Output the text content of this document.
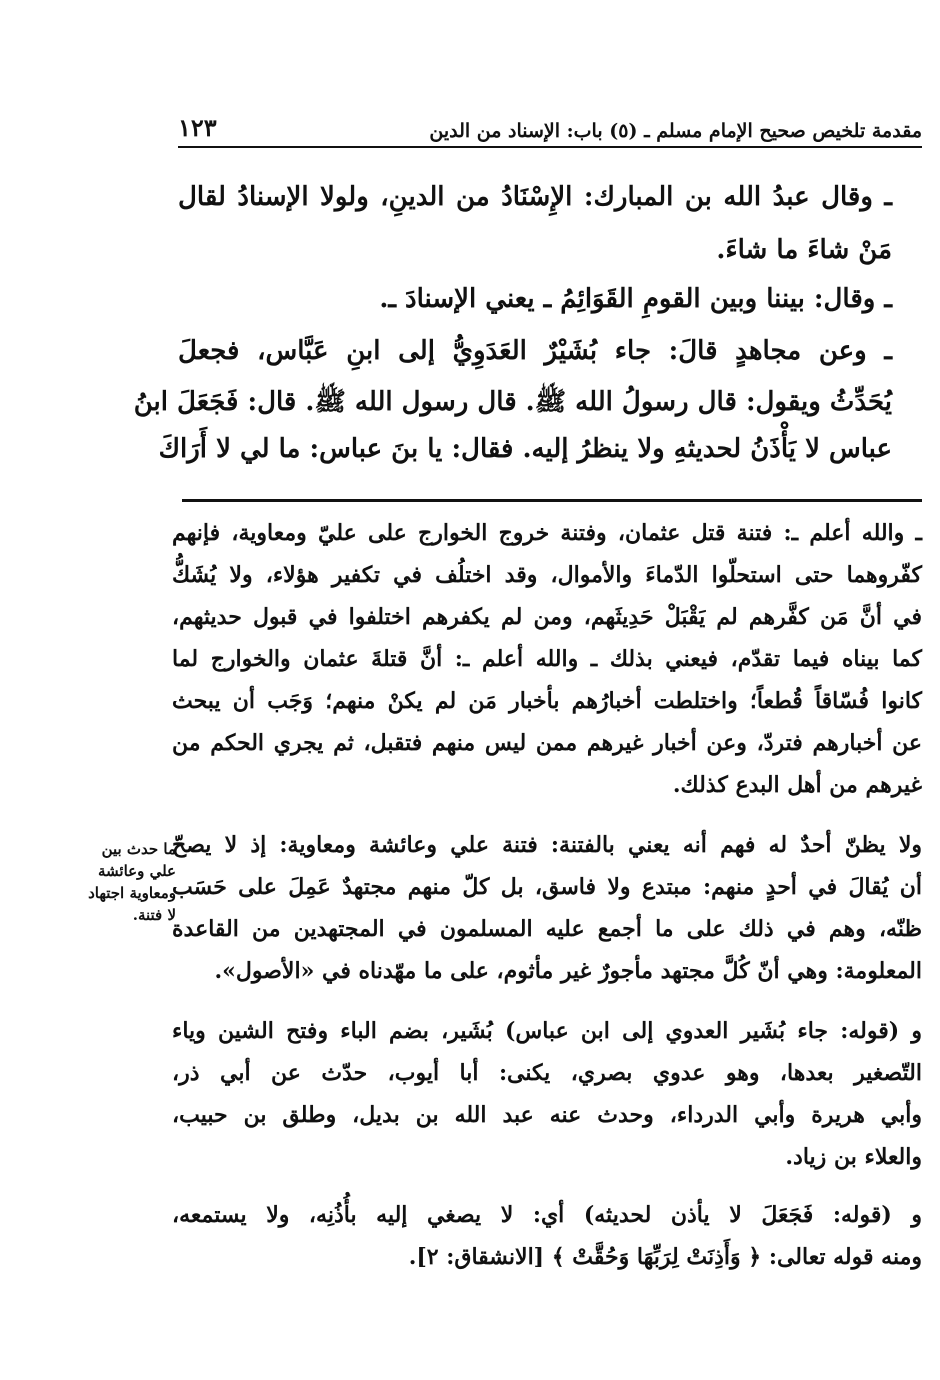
مقدمة تلخيص صحيح الإمام مسلم ـ (٥) باب: الإسناد من الدين
١٢٣
ـ وقال عبدُ الله بن المبارك: الإِسْنَادُ من الدينِ، ولولا الإسنادُ لقال
مَنْ شاءَ ما شاءَ.
ـ وقال: بيننا وبين القومِ القَوَائِمُ ـ يعني الإسنادَ ـ.
ـ وعن مجاهدٍ قالَ: جاء بُشَيْرٌ العَدَوِيُّ إلى ابنِ عَبَّاس، فجعلَ
يُحَدِّثُ ويقول: قال رسولُ الله ﷺ. قال رسول الله ﷺ. قال: فَجَعَلَ ابنُ
عباس لا يَأْذَنُ لحديثهِ ولا ينظرُ إليه. فقال: يا بنَ عباس: ما لي لا أَرَاكَ
ـ والله أعلم ـ: فتنة قتل عثمان، وفتنة خروج الخوارج على عليّ ومعاوية، فإنهم
كفّروهما حتى استحلّوا الدّماءَ والأموال، وقد اختلُف في تكفير هؤلاء، ولا يُشَكُّ
في أنَّ مَن كفَّرهم لم يَقْبَلْ حَدِيثَهم، ومن لم يكفرهم اختلفوا في قبول حديثهم،
كما بيناه فيما تقدّم، فيعني بذلك ـ والله أعلم ـ: أنَّ قتلةَ عثمان والخوارج لما
كانوا فُسّاقاً قُطعاً؛ واختلطت أخبارُهم بأخبار مَن لم يكنْ منهم؛ وَجَب أن يبحث
عن أخبارهم فتردّ، وعن أخبار غيرهم ممن ليس منهم فتقبل، ثم يجري الحكم من
غيرهم من أهل البدع كذلك.
ولا يظنّ أحدٌ له فهم أنه يعني بالفتنة: فتنة علي وعائشة ومعاوية: إذ لا يصحّ
أن يُقالَ في أحدٍ منهم: مبتدع ولا فاسق، بل كلّ منهم مجتهدٌ عَمِلَ على حَسَب
ظنّه، وهم في ذلك على ما أجمع عليه المسلمون في المجتهدين من القاعدة
المعلومة: وهي أنّ كُلَّ مجتهد مأجورٌ غير مأثوم، على ما مهّدناه في «الأصول».
و (قوله: جاء بُشَير العدوي إلى ابن عباس) بُشَير، بضم الباء وفتح الشين وياء
التّصغير بعدها، وهو عدوي بصري، يكنى: أبا أيوب، حدّث عن أبي ذر،
وأبي هريرة وأبي الدرداء، وحدث عنه عبد الله بن بديل، وطلق بن حبيب،
والعلاء بن زياد.
و (قوله: فَجَعَلَ لا يأذن لحديثه) أي: لا يصغي إليه بأُذُنِه، ولا يستمعه،
ومنه قوله تعالى: ﴿ وَأَذِنَتْ لِرَبِّهَا وَحُقَّتْ ﴾ [الانشقاق: ٢].
ما حدث بين
علي وعائشة
ومعاوية اجتهاد
لا فتنة.
